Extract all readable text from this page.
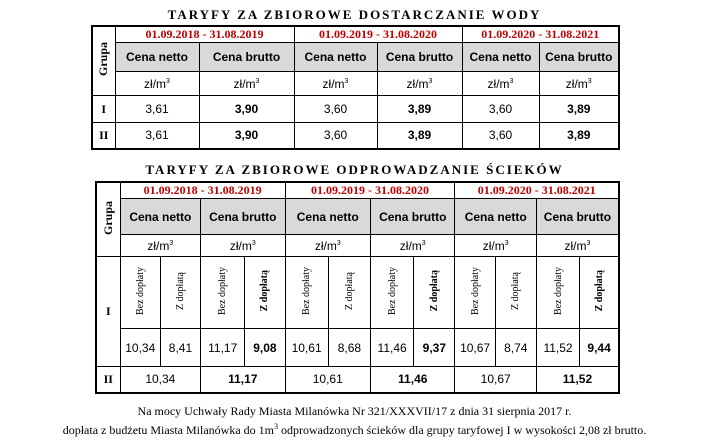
TARYFY ZA ZBIOROWE DOSTARCZANIE WODY
Grupa	01.09.2018 - 31.08.2019		01.09.2019 - 31.08.2020		01.09.2020 - 31.08.2021	
	Cena netto	Cena brutto	Cena netto	Cena brutto	Cena netto	Cena brutto
	$zł/m^3$	$zł/m^3$	$zł/m^3$	$zł/m^3$	$zł/m^3$	$zł/m^3$
I	3,61	3,90	3,60	3,89	3,60	3,89
II	3,61	3,90	3,60	3,89	3,60	3,89
TARYFY ZA ZBIOROWE ODPROWADZANIE ŚCIEKÓW
Grupa	01.09.2018 - 31.08.2019				01.09.2019 - 31.08.2020				01.09.2020 - 31.08.2021			
	Cena netto		Cena brutto		Cena netto		Cena brutto		Cena netto		Cena brutto	
	$zł/m^3$		$zł/m^3$		$zł/m^3$		$zł/m^3$		$zł/m^3$		$zł/m^3$
I	Bez dopłaty	Z dopłatą	Bez dopłaty	Z dopłatą	Bez dopłaty	Z dopłatą	Bez dopłaty	Z dopłatą	Bez dopłaty	Z dopłatą	Bez dopłaty	Z dopłatą
	10,34	8,41	11,17	9,08	10,61	8,68	11,46	9,37	10,67	8,74	11,52	9,44
II	10,34		11,17		10,61		11,46		10,67		11,52	
Na mocy Uchwały Rady Miasta Milanówka Nr 321/XXXVII/17 z dnia 31 sierpnia 2017 r.
dopłata z budżetu Miasta Milanówka do $1m^3$ odprowadzonych ścieków dla grupy taryfowej I w wysokości 2,08 zł brutto.
